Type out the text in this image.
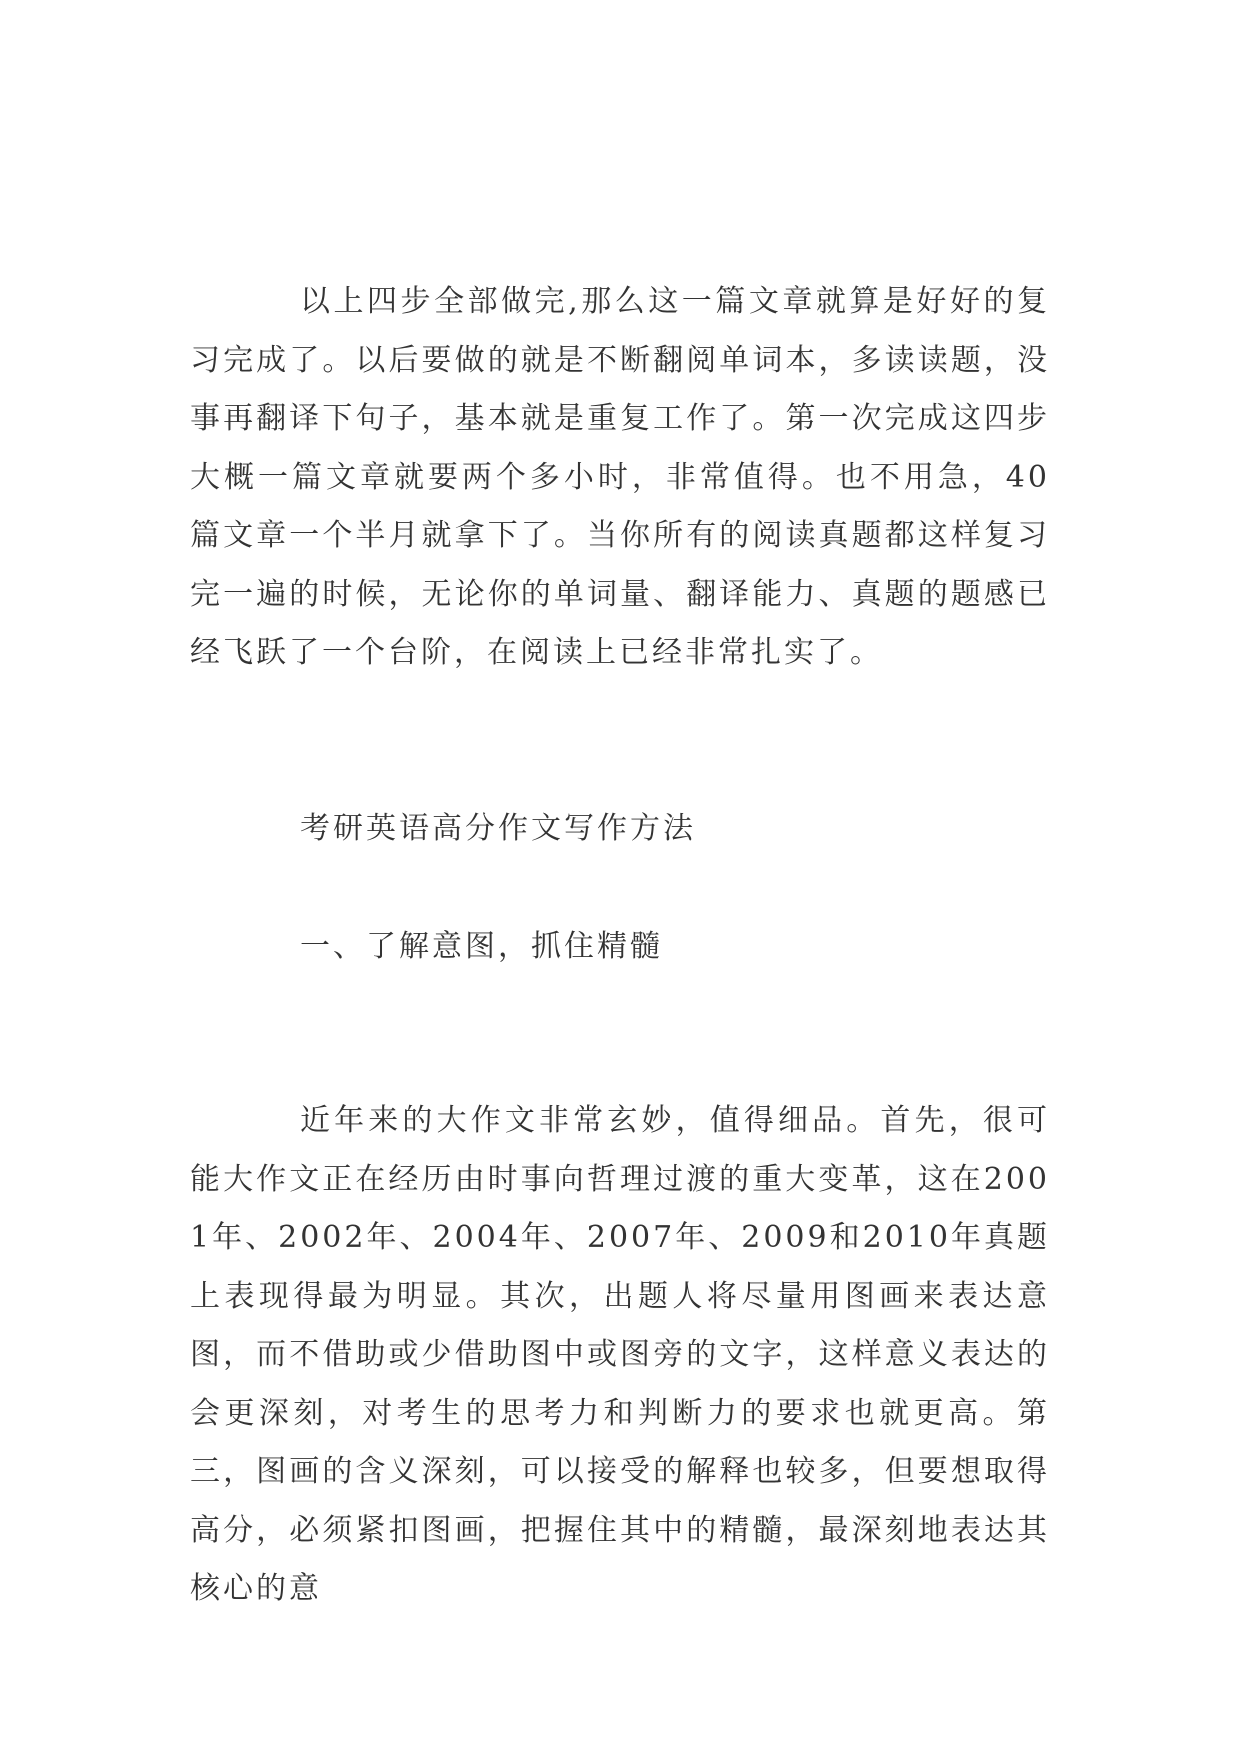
以上四步全部做完,那么这一篇文章就算是好好的复习完成了。以后要做的就是不断翻阅单词本，多读读题，没事再翻译下句子，基本就是重复工作了。第一次完成这四步大概一篇文章就要两个多小时，非常值得。也不用急，40篇文章一个半月就拿下了。当你所有的阅读真题都这样复习完一遍的时候，无论你的单词量、翻译能力、真题的题感已经飞跃了一个台阶，在阅读上已经非常扎实了。

考研英语高分作文写作方法
一、了解意图，抓住精髓

近年来的大作文非常玄妙，值得细品。首先，很可能大作文正在经历由时事向哲理过渡的重大变革，这在2001年、2002年、2004年、2007年、2009和2010年真题上表现得最为明显。其次，出题人将尽量用图画来表达意图，而不借助或少借助图中或图旁的文字，这样意义表达的会更深刻，对考生的思考力和判断力的要求也就更高。第三，图画的含义深刻，可以接受的解释也较多，但要想取得高分，必须紧扣图画，把握住其中的精髓，最深刻地表达其核心的意
